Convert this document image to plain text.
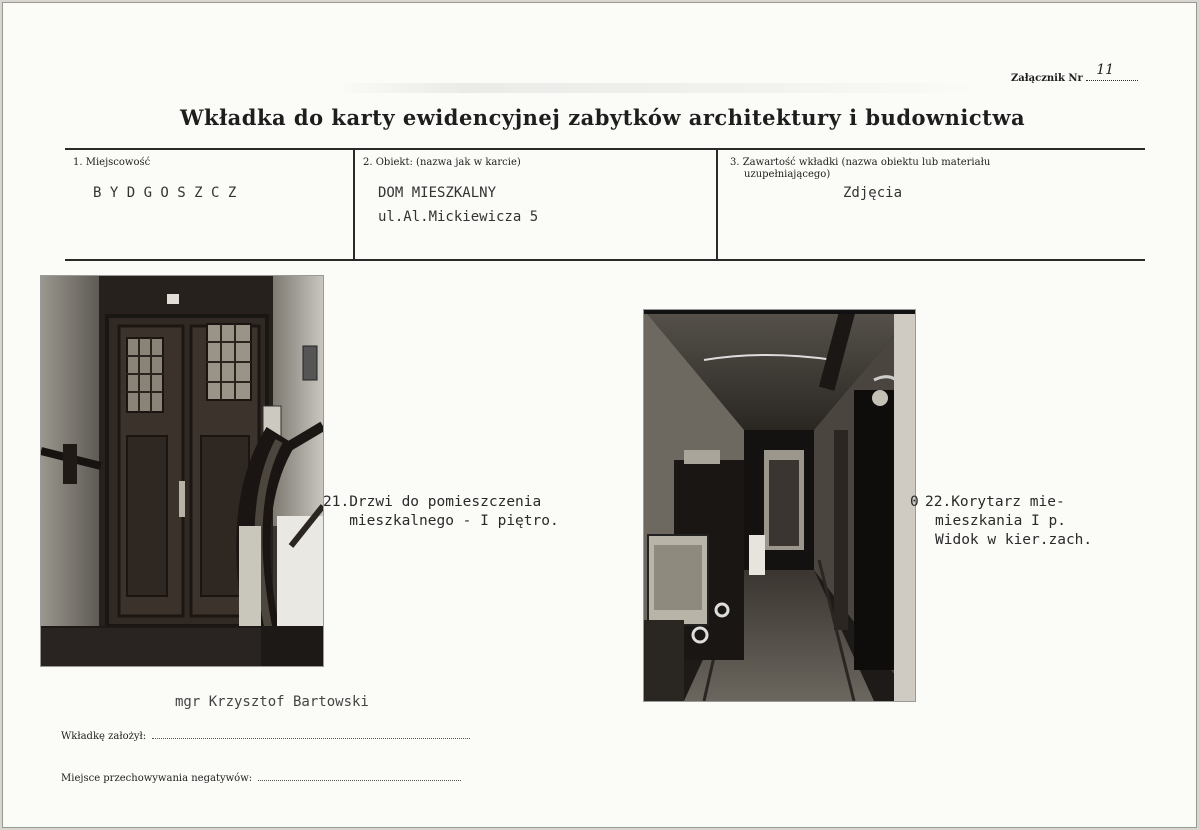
Załącznik Nr
11
Wkładka do karty ewidencyjnej zabytków architektury i budownictwa
1. Miejscowość
B Y D G O S Z C Z
2. Obiekt: (nazwa jak w karcie)
DOM MIESZKALNY
ul.Al.Mickiewicza 5
3. Zawartość wkładki (nazwa obiektu lub materiału
uzupełniającego)
Zdjęcia
21.Drzwi do pomieszczenia
mieszkalnego - I piętro.
0 22.Korytarz mie-
mieszkania I p.
Widok w kier.zach.
mgr Krzysztof Bartowski
Wkładkę założył:
Miejsce przechowywania negatywów:
